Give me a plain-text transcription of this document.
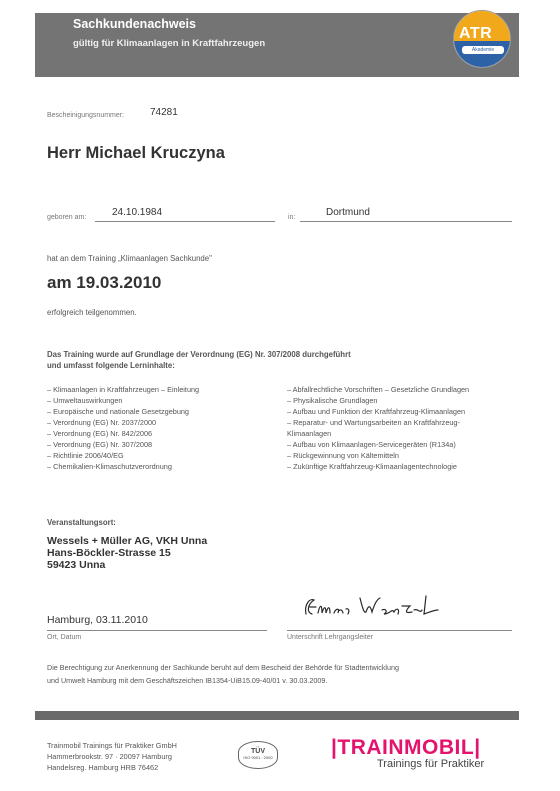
Sachkundenachweis
gültig für Klimaanlagen in Kraftfahrzeugen
ATR
Akademie
Bescheinigungsnummer:	74281
Herr Michael Kruczyna
geboren am:	24.10.1984	in:	Dortmund
hat an dem Training „Klimaanlagen Sachkunde"
am 19.03.2010
erfolgreich teilgenommen.
Das Training wurde auf Grundlage der Verordnung (EG) Nr. 307/2008 durchgeführt
und umfasst folgende Lerninhalte:
– Klimaanlagen in Kraftfahrzeugen – Einleitung
– Umweltauswirkungen
– Europäische und nationale Gesetzgebung
– Verordnung (EG) Nr. 2037/2000
– Verordnung (EG) Nr. 842/2006
– Verordnung (EG) Nr. 307/2008
– Richtlinie 2006/40/EG
– Chemikalien-Klimaschutzverordnung
– Abfallrechtliche Vorschriften – Gesetzliche Grundlagen
– Physikalische Grundlagen
– Aufbau und Funktion der Kraftfahrzeug-Klimaanlagen
– Reparatur- und Wartungsarbeiten an Kraftfahrzeug-
Klimaanlagen
– Aufbau von Klimaanlagen-Servicegeräten (R134a)
– Rückgewinnung von Kältemitteln
– Zukünftige Kraftfahrzeug-Klimaanlagentechnologie
Veranstaltungsort:
Wessels + Müller AG, VKH Unna
Hans-Böckler-Strasse 15
59423 Unna
Hamburg, 03.11.2010
Ort, Datum	Unterschrift Lehrgangsleiter
Die Berechtigung zur Anerkennung der Sachkunde beruht auf dem Bescheid der Behörde für Stadtentwicklung
und Umwelt Hamburg mit dem Geschäftszeichen IB1354-UiB15.09-40/01 v. 30.03.2009.
Trainmobil Trainings für Praktiker GmbH
Hammerbrookstr. 97 · 20097 Hamburg
Handelsreg. Hamburg HRB 76462
TÜV
ISO 9001 : 2000	|TRAINMOBIL|
Trainings für Praktiker
